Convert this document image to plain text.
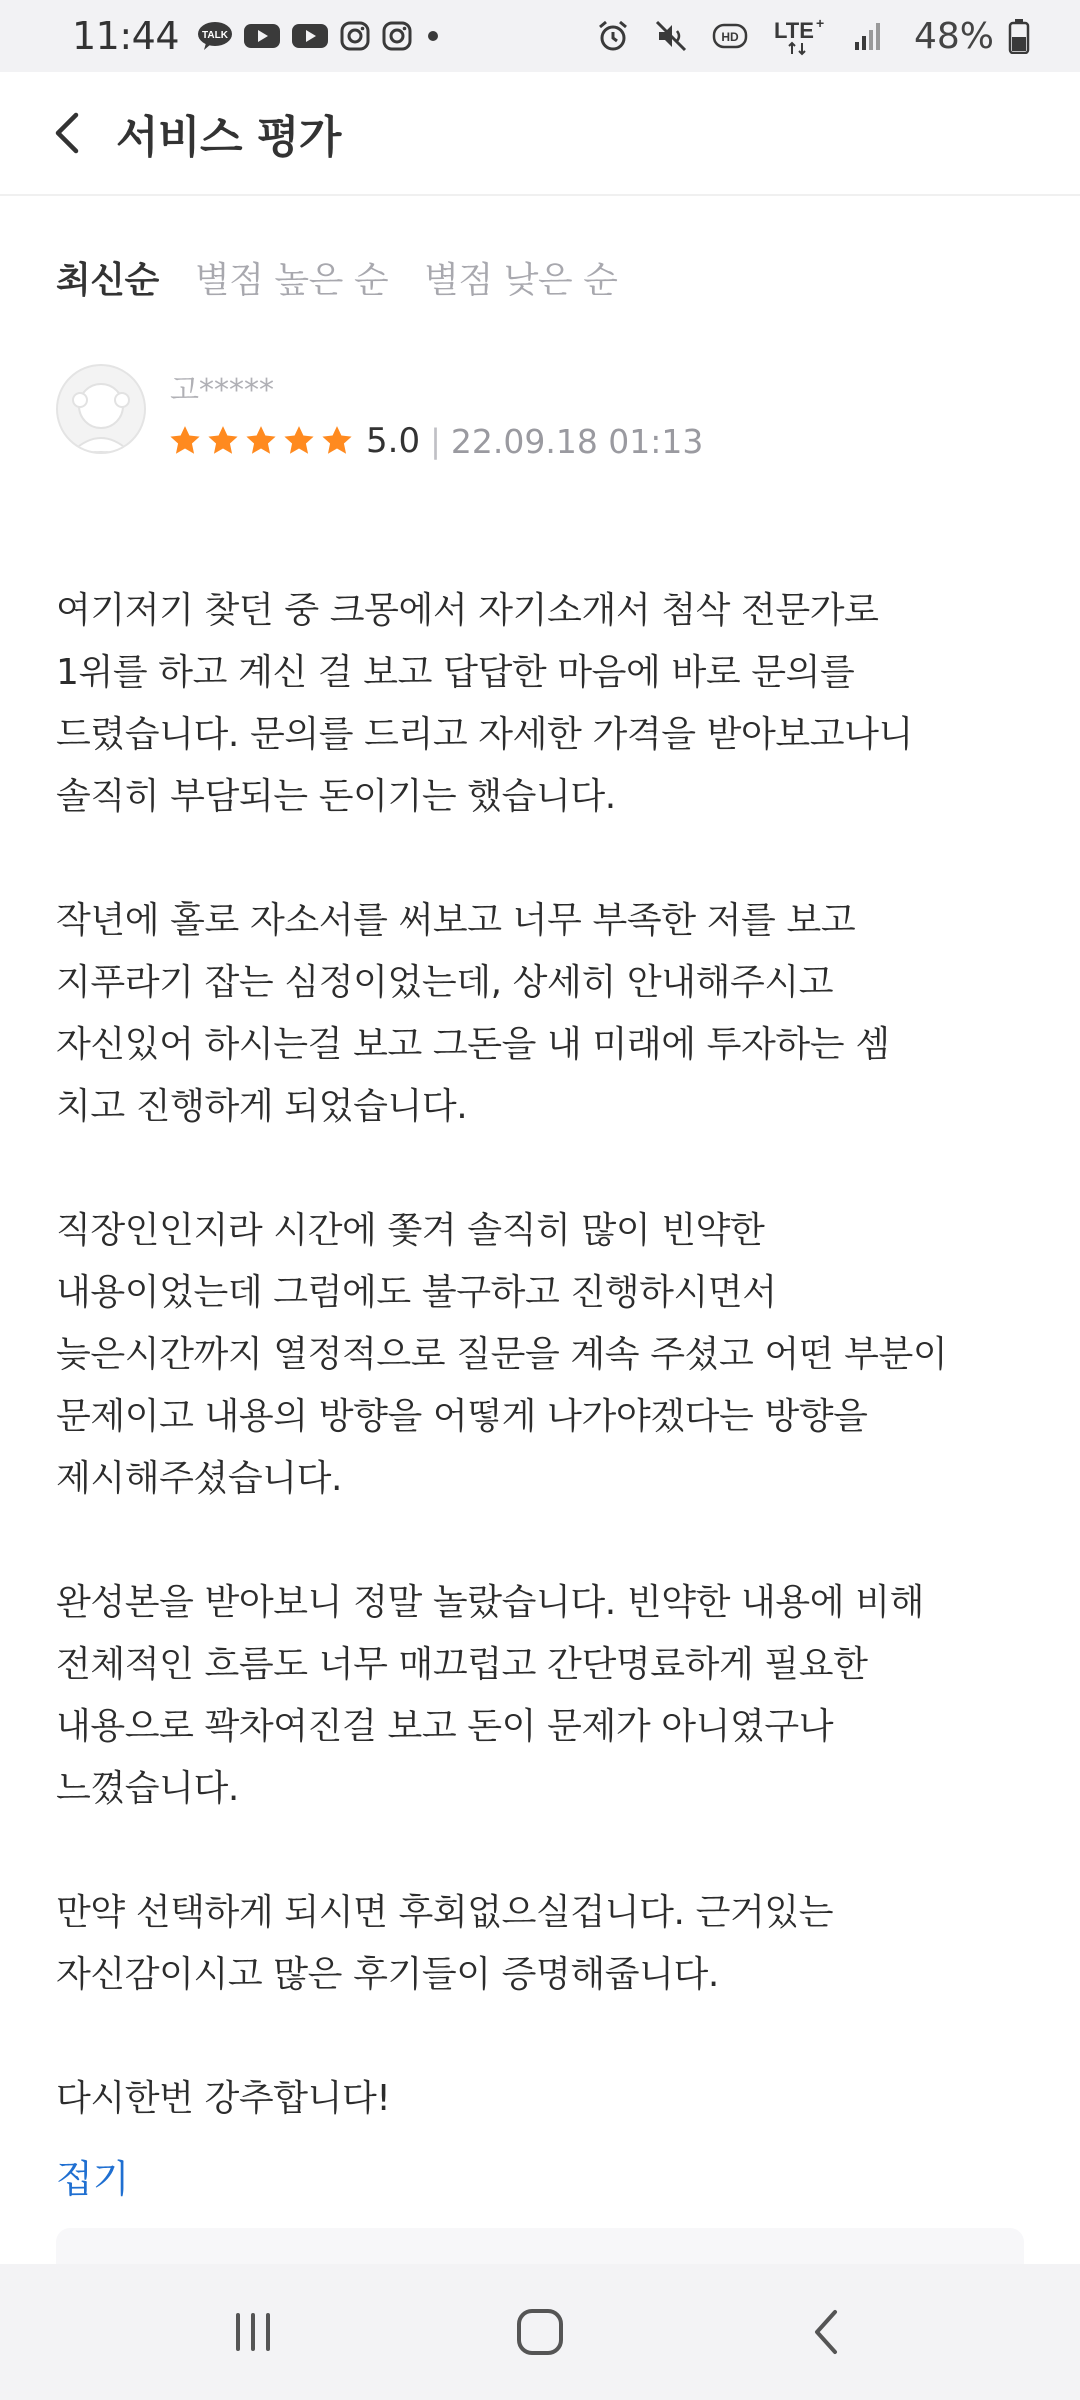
11:44 TALK	HD LTE + 48%
서비스 평가
최신순 별점 높은 순 별점 낮은 순
고*****
5.0 | 22.09.18 01:13

여기저기 찾던 중 크몽에서 자기소개서 첨삭 전문가로
1위를 하고 계신 걸 보고 답답한 마음에 바로 문의를
드렸습니다. 문의를 드리고 자세한 가격을 받아보고나니
솔직히 부담되는 돈이기는 했습니다.

작년에 홀로 자소서를 써보고 너무 부족한 저를 보고
지푸라기 잡는 심정이었는데, 상세히 안내해주시고
자신있어 하시는걸 보고 그돈을 내 미래에 투자하는 셈
치고 진행하게 되었습니다.

직장인인지라 시간에 쫓겨 솔직히 많이 빈약한
내용이었는데 그럼에도 불구하고 진행하시면서
늦은시간까지 열정적으로 질문을 계속 주셨고 어떤 부분이
문제이고 내용의 방향을 어떻게 나가야겠다는 방향을
제시해주셨습니다.

완성본을 받아보니 정말 놀랐습니다. 빈약한 내용에 비해
전체적인 흐름도 너무 매끄럽고 간단명료하게 필요한
내용으로 꽉차여진걸 보고 돈이 문제가 아니였구나
느꼈습니다.

만약 선택하게 되시면 후회없으실겁니다. 근거있는
자신감이시고 많은 후기들이 증명해줍니다.

다시한번 강추합니다!

접기
